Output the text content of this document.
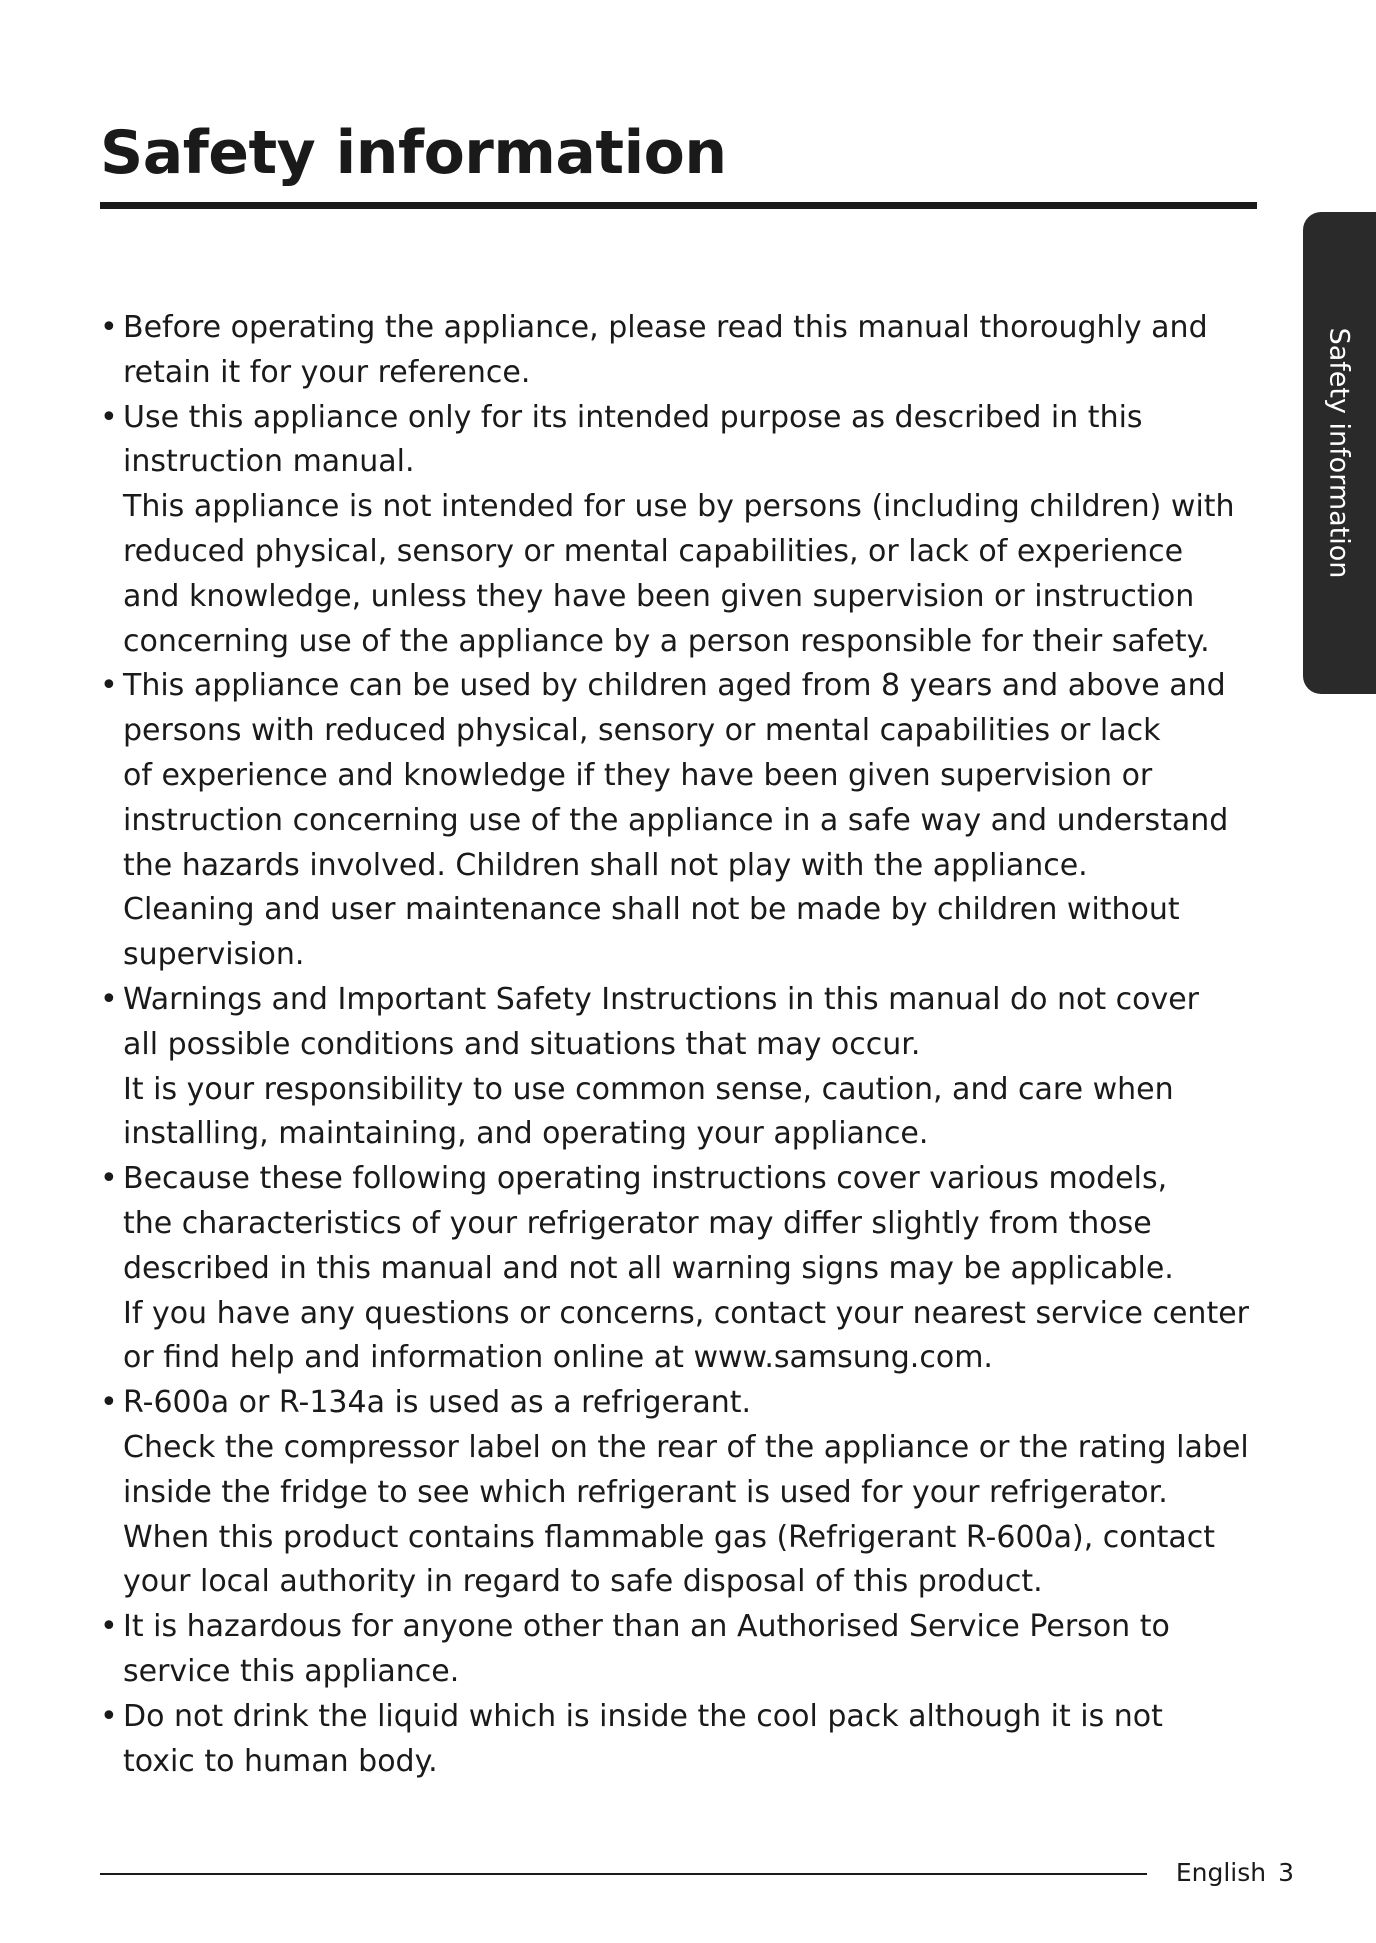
Safety information
Safety information
• Before operating the appliance, please read this manual thoroughly and
retain it for your reference.
• Use this appliance only for its intended purpose as described in this
instruction manual.
This appliance is not intended for use by persons (including children) with
reduced physical, sensory or mental capabilities, or lack of experience
and knowledge, unless they have been given supervision or instruction
concerning use of the appliance by a person responsible for their safety.
• This appliance can be used by children aged from 8 years and above and
persons with reduced physical, sensory or mental capabilities or lack
of experience and knowledge if they have been given supervision or
instruction concerning use of the appliance in a safe way and understand
the hazards involved. Children shall not play with the appliance.
Cleaning and user maintenance shall not be made by children without
supervision.
• Warnings and Important Safety Instructions in this manual do not cover
all possible conditions and situations that may occur.
It is your responsibility to use common sense, caution, and care when
installing, maintaining, and operating your appliance.
• Because these following operating instructions cover various models,
the characteristics of your refrigerator may differ slightly from those
described in this manual and not all warning signs may be applicable.
If you have any questions or concerns, contact your nearest service center
or find help and information online at www.samsung.com.
• R-600a or R-134a is used as a refrigerant.
Check the compressor label on the rear of the appliance or the rating label
inside the fridge to see which refrigerant is used for your refrigerator.
When this product contains flammable gas (Refrigerant R-600a), contact
your local authority in regard to safe disposal of this product.
• It is hazardous for anyone other than an Authorised Service Person to
service this appliance.
• Do not drink the liquid which is inside the cool pack although it is not
toxic to human body.
English 3
